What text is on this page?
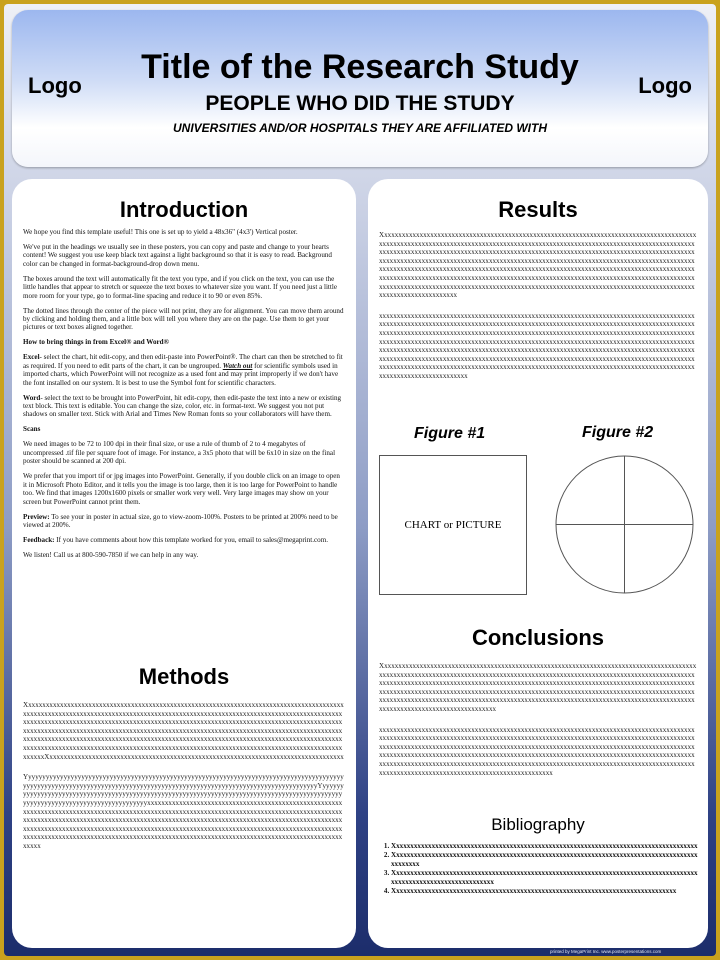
Logo	Logo
Title of the Research Study
PEOPLE WHO DID THE STUDY
UNIVERSITIES AND/OR HOSPITALS THEY ARE AFFILIATED WITH
Introduction

We hope you find this template useful! This one is set up to yield a 48x36" (4x3') Vertical poster.

We've put in the headings we usually see in these posters, you can copy and paste and change to your hearts content! We suggest you use keep black text against a light background so that it is easy to read. Background color can be changed in format-background-drop down menu.

The boxes around the text will automatically fit the text you type, and if you click on the text, you can use the little handles that appear to stretch or squeeze the text boxes to whatever size you want. If you need just a little more room for your type, go to format-line spacing and reduce it to 90 or even 85%.

The dotted lines through the center of the piece will not print, they are for alignment. You can move them around by clicking and holding them, and a little box will tell you where they are on the page. Use them to get your pictures or text boxes aligned together.

How to bring things in from Excel® and Word®

Excel- select the chart, hit edit-copy, and then edit-paste into PowerPoint®. The chart can then be stretched to fit as required. If you need to edit parts of the chart, it can be ungrouped. Watch out for scientific symbols used in imported charts, which PowerPoint will not recognize as a used font and may print improperly if we don't have the font installed on our system. It is best to use the Symbol font for scientific characters.

Word- select the text to be brought into PowerPoint, hit edit-copy, then edit-paste the text into a new or existing text block. This text is editable. You can change the size, color, etc. in format-text. We suggest you not put shadows on smaller text. Stick with Arial and Times New Roman fonts so your collaborators will have them.

Scans

We need images to be 72 to 100 dpi in their final size, or use a rule of thumb of 2 to 4 megabytes of uncompressed .tif file per square foot of image. For instance, a 3x5 photo that will be 6x10 in size on the final poster should be scanned at 200 dpi.

We prefer that you import tif or jpg images into PowerPoint. Generally, if you double click on an image to open it in Microsoft Photo Editor, and it tells you the image is too large, then it is too large for PowerPoint to handle too. We find that images 1200x1600 pixels or smaller work very well. Very large images may show on your screen but PowerPoint cannot print them.

Preview: To see your in poster in actual size, go to view-zoom-100%. Posters to be printed at 200% need to be viewed at 200%.

Feedback: If you have comments about how this template worked for you, email to sales@megaprint.com.

We listen! Call us at 800-590-7850 if we can help in any way.

Methods

XxxxxxxxxxxxxxxxxxxxxxxxxxxxxxxxxxxxxxxxxxxxxxxxxxxxxxxxxxxxxxxxxxxxxxxxxxxxxxxxxxxxxxxxxxxxxxxxxxxxxxxxxxxxxxxxxxxxxxxxxxxxxxxxxxxxxxxxxxxxxxxxxxxxxxxxxxxxxxxxxxxxxxxxxxxxxxxxxxxxxxxxxxxxxxxxxxxxxxxxxxxxxxxxxxxxxxxxxxxxxxxxxxxxxxxxxxxxxxxxxxxxxxxxxxxxxxxxxxxxxxxxxxxxxxxxxxxxxxxxxxxxxxxxxxxxxxxxxxxxxxxxxxxxxxxxxxxxxxxxxxxxxxxxxxxxxxxxxxxxxxxxxxxxxxxxxxxxxxxxxxxxxxxxxxxxxxxxxxxxxxxxxxxxxxxxxxxxxxxxxxxxxxxxxxxxxxxxxxxxxxxxxxxxxxxxxxxxxxxxxxxxxxxxxxxxxxxxxxxxxxxxxxxxxxxxxxxxxxxxxxxxxxxxxxxxxxxxxxxxxxxxxxxxxxxxxxxxxxxxxxxxxxxxxxxxxxxxxxxxxxxxxxXxxxxxxxxxxxxxxxxxxxxxxxxxxxxxxxxxxxxxxxxxxxxxxxxxxxxxxxxxxxxxxxxxxxxxxxxxxxxxxxxxxx

YyyyyyyyyyyyyyyyyyyyyyyyyyyyyyyyyyyyyyyyyyyyyyyyyyyyyyyyyyyyyyyyyyyyyyyyyyyyyyyyyyyyyyyyyyyyyyyyyyyyyyyyyyyyyyyyyyyyyyyyyyyyyyyyyyyyyyyyyyyyyyyyyyyyyyyyyyyyyyyyyyyyyyyyyyyyyYyyyyyyyyyyyyyyyyyyyyyyyyyyyyyyyyyyyyyyyyyyyyyyyyyyyyyyyyyyyyyyyyyyyyyyyyyyyyyyyyyyyyyyyyyyyyyyyyyyyyyyyyyyyyyyyyyyyyyyyyyyyyyyyyyyyxxxxxxxxxxxxxxxxxxxxxxxxxxxxxxxxxxxxxxxxxxxxxxxxxxxxxxxxxxxxxxxxxxxxxxxxxxxxxxxxxxxxxxxxxxxxxxxxxxxxxxxxxxxxxxxxxxxxxxxxxxxxxxxxxxxxxxxxxxxxxxxxxxxxxxxxxxxxxxxxxxxxxxxxxxxxxxxxxxxxxxxxxxxxxxxxxxxxxxxxxxxxxxxxxxxxxxxxxxxxxxxxxxxxxxxxxxxxxxxxxxxxxxxxxxxxxxxxxxxxxxxxxxxxxxxxxxxxxxxxxxxxxxxxxxxxxxxxxxxxxxxxxxxxxxxxxxxxxxxxxxxxxxxxxxxxxxxxxxxxxxxxxxxxxxxxxxxxxxxxxxxxxxxxxxxxxxxxxxxxxxxxxxxxxxxxxxxxxxxxxxxxxxxxxxxxxxxxxxxx

Results

Xxxxxxxxxxxxxxxxxxxxxxxxxxxxxxxxxxxxxxxxxxxxxxxxxxxxxxxxxxxxxxxxxxxxxxxxxxxxxxxxxxxxxxxxxxxxxxxxxxxxxxxxxxxxxxxxxxxxxxxxxxxxxxxxxxxxxxxxxxxxxxxxxxxxxxxxxxxxxxxxxxxxxxxxxxxxxxxxxxxxxxxxxxxxxxxxxxxxxxxxxxxxxxxxxxxxxxxxxxxxxxxxxxxxxxxxxxxxxxxxxxxxxxxxxxxxxxxxxxxxxxxxxxxxxxxxxxxxxxxxxxxxxxxxxxxxxxxxxxxxxxxxxxxxxxxxxxxxxxxxxxxxxxxxxxxxxxxxxxxxxxxxxxxxxxxxxxxxxxxxxxxxxxxxxxxxxxxxxxxxxxxxxxxxxxxxxxxxxxxxxxxxxxxxxxxxxxxxxxxxxxxxxxxxxxxxxxxxxxxxxxxxxxxxxxxxxxxxxxxxxxxxxxxxxxxxxxxxxxxxxxxxxxxxxxxxxxxxxxxxxxxxxxxxxxxxxxxxxxxxxxxxxxxxxxxxxxxxxxxxxxxxxxxxxxxxxxxxxxxxxxxxxxxxxxxxxxxxxxxxxxxxxxxxxxxxxxxxxxxxxxxxxxxxxxxxxxxxxxxxxxxxxxxxxxxxxxxxxxxxxxxxx

xxxxxxxxxxxxxxxxxxxxxxxxxxxxxxxxxxxxxxxxxxxxxxxxxxxxxxxxxxxxxxxxxxxxxxxxxxxxxxxxxxxxxxxxxxxxxxxxxxxxxxxxxxxxxxxxxxxxxxxxxxxxxxxxxxxxxxxxxxxxxxxxxxxxxxxxxxxxxxxxxxxxxxxxxxxxxxxxxxxxxxxxxxxxxxxxxxxxxxxxxxxxxxxxxxxxxxxxxxxxxxxxxxxxxxxxxxxxxxxxxxxxxxxxxxxxxxxxxxxxxxxxxxxxxxxxxxxxxxxxxxxxxxxxxxxxxxxxxxxxxxxxxxxxxxxxxxxxxxxxxxxxxxxxxxxxxxxxxxxxxxxxxxxxxxxxxxxxxxxxxxxxxxxxxxxxxxxxxxxxxxxxxxxxxxxxxxxxxxxxxxxxxxxxxxxxxxxxxxxxxxxxxxxxxxxxxxxxxxxxxxxxxxxxxxxxxxxxxxxxxxxxxxxxxxxxxxxxxxxxxxxxxxxxxxxxxxxxxxxxxxxxxxxxxxxxxxxxxxxxxxxxxxxxxxxxxxxxxxxxxxxxxxxxxxxxxxxxxxxxxxxxxxxxxxxxxxxxxxxxxxxxxxxxxxxxxxxxxxxxxxxxxxxxxxxxxxxxxxxxxxxxxxxxxxxxxxxxxxxxxxxxxxxx

Figure #1	Figure #2
CHART or PICTURE
Conclusions

Xxxxxxxxxxxxxxxxxxxxxxxxxxxxxxxxxxxxxxxxxxxxxxxxxxxxxxxxxxxxxxxxxxxxxxxxxxxxxxxxxxxxxxxxxxxxxxxxxxxxxxxxxxxxxxxxxxxxxxxxxxxxxxxxxxxxxxxxxxxxxxxxxxxxxxxxxxxxxxxxxxxxxxxxxxxxxxxxxxxxxxxxxxxxxxxxxxxxxxxxxxxxxxxxxxxxxxxxxxxxxxxxxxxxxxxxxxxxxxxxxxxxxxxxxxxxxxxxxxxxxxxxxxxxxxxxxxxxxxxxxxxxxxxxxxxxxxxxxxxxxxxxxxxxxxxxxxxxxxxxxxxxxxxxxxxxxxxxxxxxxxxxxxxxxxxxxxxxxxxxxxxxxxxxxxxxxxxxxxxxxxxxxxxxxxxxxxxxxxxxxxxxxxxxxxxxxxxxxxxxxxxxxxxxxxxxxxxxxxxxxxxxxxxxxxxxxxxxxxxxxxxxxxxxxxxxxxxxxx

xxxxxxxxxxxxxxxxxxxxxxxxxxxxxxxxxxxxxxxxxxxxxxxxxxxxxxxxxxxxxxxxxxxxxxxxxxxxxxxxxxxxxxxxxxxxxxxxxxxxxxxxxxxxxxxxxxxxxxxxxxxxxxxxxxxxxxxxxxxxxxxxxxxxxxxxxxxxxxxxxxxxxxxxxxxxxxxxxxxxxxxxxxxxxxxxxxxxxxxxxxxxxxxxxxxxxxxxxxxxxxxxxxxxxxxxxxxxxxxxxxxxxxxxxxxxxxxxxxxxxxxxxxxxxxxxxxxxxxxxxxxxxxxxxxxxxxxxxxxxxxxxxxxxxxxxxxxxxxxxxxxxxxxxxxxxxxxxxxxxxxxxxxxxxxxxxxxxxxxxxxxxxxxxxxxxxxxxxxxxxxxxxxxxxxxxxxxxxxxxxxxxxxxxxxxxxxxxxxxxxxxxxxxxxxxxxxxxxxxxxxxxxxxxxxxxxxxxxxxxxxxxxxxxxxxxxxxxxxxxxxxxxxxxxxxxxx

Bibliography
1. Xxxxxxxxxxxxxxxxxxxxxxxxxxxxxxxxxxxxxxxxxxxxxxxxxxxxxxxxxxxxxxxxxxxxxxxxxxxxxxxxxxxxxx
2. Xxxxxxxxxxxxxxxxxxxxxxxxxxxxxxxxxxxxxxxxxxxxxxxxxxxxxxxxxxxxxxxxxxxxxxxxxxxxxxxxxxxxxxxxxxxxxx
3. Xxxxxxxxxxxxxxxxxxxxxxxxxxxxxxxxxxxxxxxxxxxxxxxxxxxxxxxxxxxxxxxxxxxxxxxxxxxxxxxxxxxxxxxxxxxxxxxxxxxxxxxxxxxxxxxxxxx
4. Xxxxxxxxxxxxxxxxxxxxxxxxxxxxxxxxxxxxxxxxxxxxxxxxxxxxxxxxxxxxxxxxxxxxxxxxxxxxxxxx
printed by MegaPrint Inc. www.posterpresentations.com
